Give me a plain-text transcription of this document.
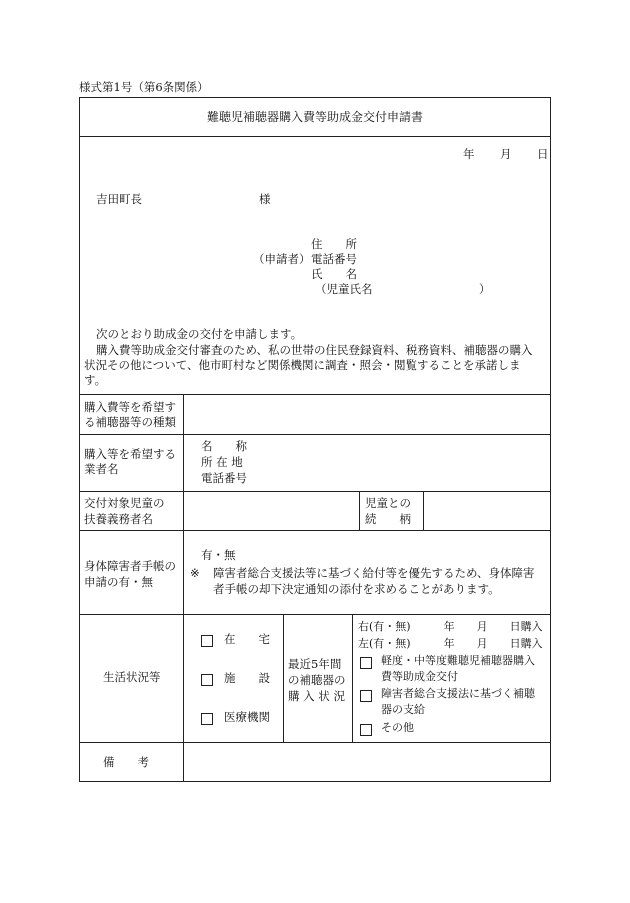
様式第1号（第6条関係）
難聴児補聴器購入費等助成金交付申請書
年 月 日
吉田町長	様
住　　所
（申請者） 電話番号
氏　　名
（児童氏名	）
次のとおり助成金の交付を申請します。
購入費等助成金交付審査のため、私の世帯の住民登録資料、税務資料、補聴器の購入
状況その他について、他市町村など関係機関に調査・照会・閲覧することを承諾しま
す。
購入費等を希望す
る補聴器等の種類
購入等を希望する
業者名
名　　称
所 在 地
電話番号
交付対象児童の
扶養義務者名
児童との
続　　柄
身体障害者手帳の
申請の有・無
有・無
※ 障害者総合支援法等に基づく給付等を優先するため、身体障害
者手帳の却下決定通知の添付を求めることがあります。
生活状況等
在　　宅
施　　設
医療機関
最近5年間
の補聴器の
購 入 状 況
右(有・無)　　　年　　月　　日購入
左(有・無)　　　年　　月　　日購入
軽度・中等度難聴児補聴器購入
費等助成金交付
障害者総合支援法に基づく補聴
器の支給
その他
備　　考
